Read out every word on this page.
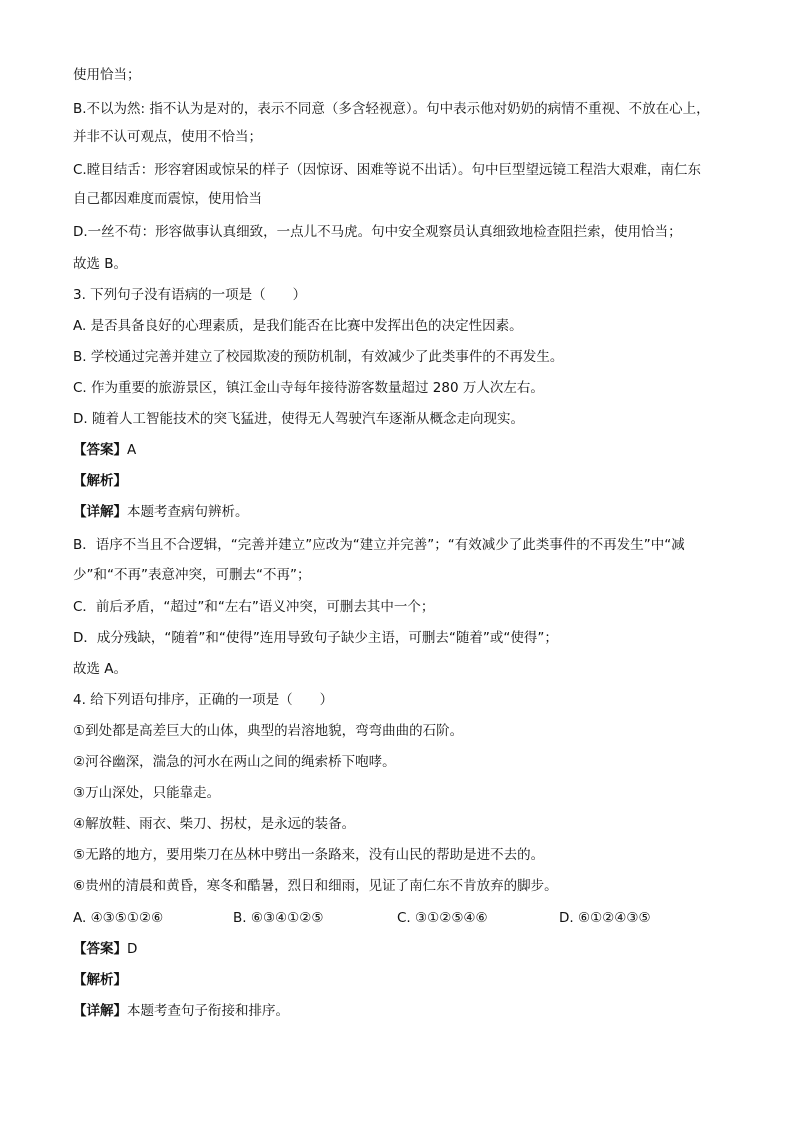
使用恰当；
B.不以为然: 指不认为是对的，表示不同意（多含轻视意）。句中表示他对奶奶的病情不重视、不放在心上，
并非不认可观点，使用不恰当；
C.瞠目结舌：形容窘困或惊呆的样子（因惊讶、困难等说不出话）。句中巨型望远镜工程浩大艰难，南仁东
自己都因难度而震惊，使用恰当
D.一丝不苟：形容做事认真细致，一点儿不马虎。句中安全观察员认真细致地检查阻拦索，使用恰当；
故选 B。
3. 下列句子没有语病的一项是（　　）
A. 是否具备良好的心理素质，是我们能否在比赛中发挥出色的决定性因素。
B. 学校通过完善并建立了校园欺凌的预防机制，有效减少了此类事件的不再发生。
C. 作为重要的旅游景区，镇江金山寺每年接待游客数量超过 280 万人次左右。
D. 随着人工智能技术的突飞猛进，使得无人驾驶汽车逐渐从概念走向现实。
【答案】A
【解析】
【详解】本题考查病句辨析。
B．语序不当且不合逻辑，“完善并建立”应改为“建立并完善”；“有效减少了此类事件的不再发生”中“减
少”和“不再”表意冲突，可删去“不再”；
C．前后矛盾，“超过”和“左右”语义冲突，可删去其中一个；
D．成分残缺，“随着”和“使得”连用导致句子缺少主语，可删去“随着”或“使得”；
故选 A。
4. 给下列语句排序，正确的一项是（　　）
①到处都是高差巨大的山体，典型的岩溶地貌，弯弯曲曲的石阶。
②河谷幽深，湍急的河水在两山之间的绳索桥下咆哮。
③万山深处，只能靠走。
④解放鞋、雨衣、柴刀、拐杖，是永远的装备。
⑤无路的地方，要用柴刀在丛林中劈出一条路来，没有山民的帮助是进不去的。
⑥贵州的清晨和黄昏，寒冬和酷暑，烈日和细雨，见证了南仁东不肯放弃的脚步。
A. ④③⑤①②⑥	B. ⑥③④①②⑤	C. ③①②⑤④⑥	D. ⑥①②④③⑤
【答案】D
【解析】
【详解】本题考查句子衔接和排序。
